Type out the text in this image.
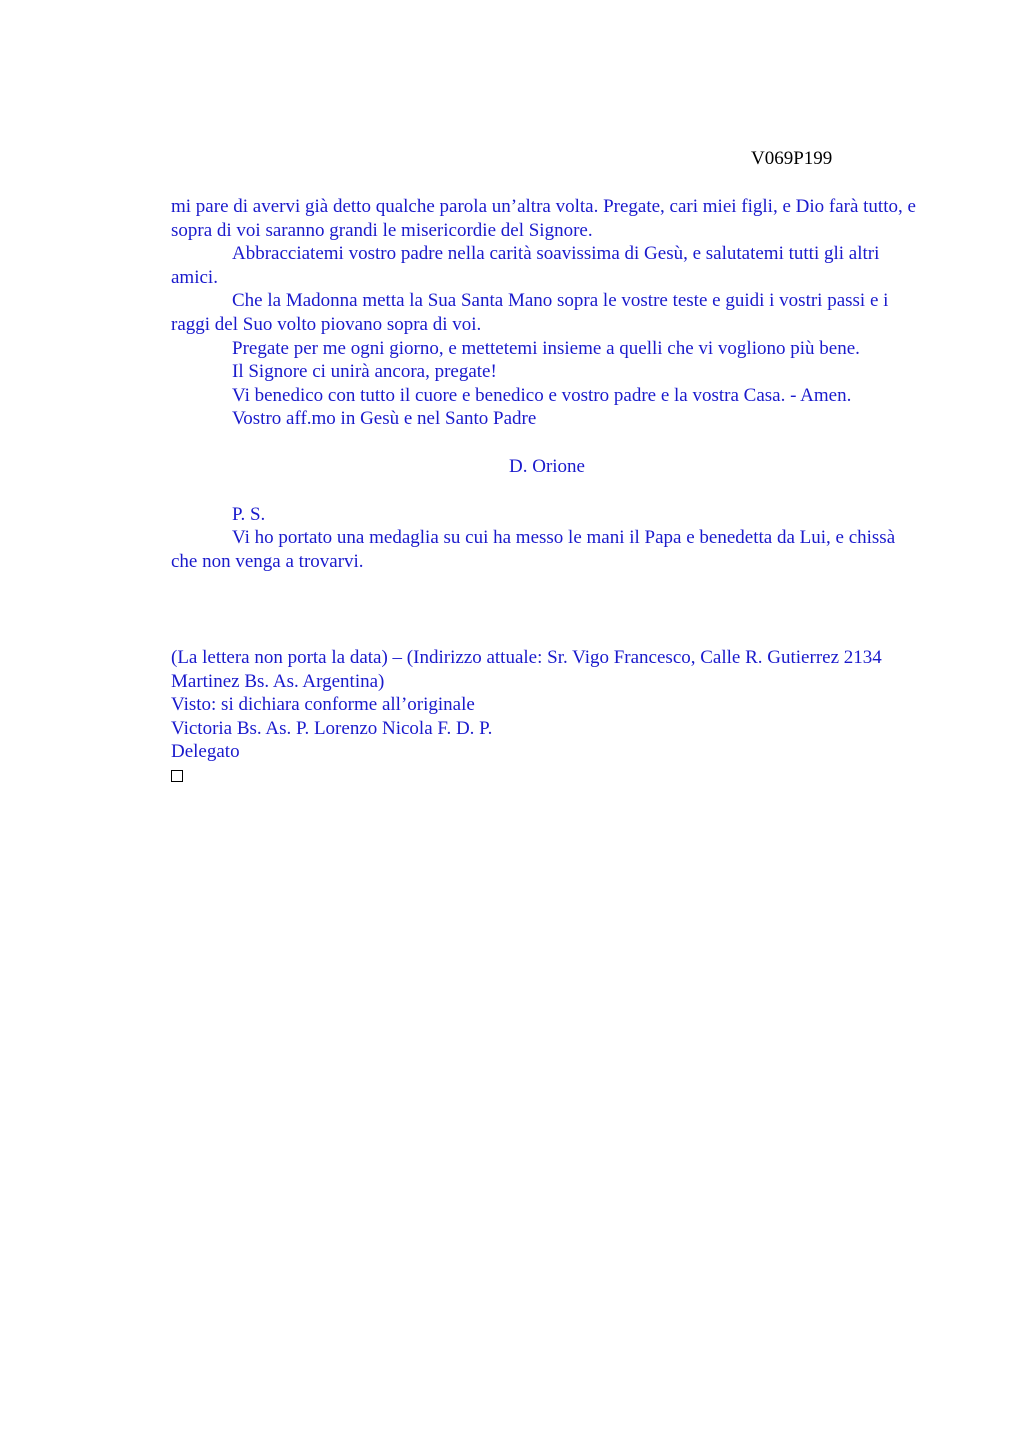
V069P199

mi pare di avervi già detto qualche parola un’altra volta. Pregate, cari miei figli, e Dio farà tutto, e sopra di voi saranno grandi le misericordie del Signore.

Abbracciatemi vostro padre nella carità soavissima di Gesù, e salutatemi tutti gli altri amici.

Che la Madonna metta la Sua Santa Mano sopra le vostre teste e guidi i vostri passi e i raggi del Suo volto piovano sopra di voi.

Pregate per me ogni giorno, e mettetemi insieme a quelli che vi vogliono più bene.

Il Signore ci unirà ancora, pregate!

Vi benedico con tutto il cuore e benedico e vostro padre e la vostra Casa. - Amen.

Vostro aff.mo in Gesù e nel Santo Padre

D. Orione

P. S.

Vi ho portato una medaglia su cui ha messo le mani il Papa e benedetta da Lui, e chissà che non venga a trovarvi.

(La lettera non porta la data) – (Indirizzo attuale: Sr. Vigo Francesco, Calle R. Gutierrez 2134 Martinez Bs. As. Argentina)

Visto: si dichiara conforme all’originale

Victoria Bs. As. P. Lorenzo Nicola F. D. P.

Delegato
